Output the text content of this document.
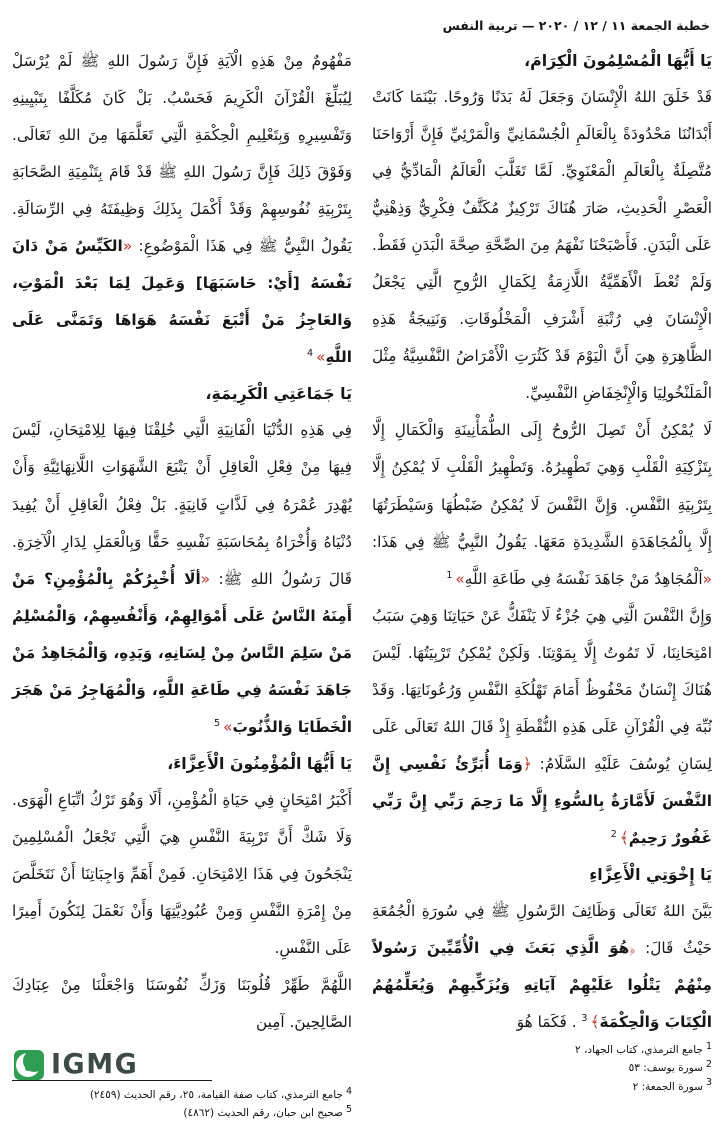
خطبة الجمعة ١١ / ١٢ / ٢٠٢٠ — تربية النفس
يَا أَيُّهَا الْمُسْلِمُونَ الْكِرَامَ،
قَدْ خَلَقَ اللهُ الْإِنْسَانَ وَجَعَلَ لَهُ بَدَنًا وَرُوحًا. بَيْنَمَا كَانَتْ أَبْدَانُنَا مَحْدُودَةً بِالْعَالَمِ الْجُسْمَانِيِّ وَالْمَرْئِيِّ فَإِنَّ أَرْوَاحَنَا مُتَّصِلَةٌ بِالْعَالَمِ الْمَعْنَوِيِّ. لَمَّا تَغَلَّبَ الْعَالَمُ الْمَادِّيُّ فِي الْعَصْرِ الْحَدِيثِ، صَارَ هُنَاكَ تَرْكِيزٌ مُكَثَّفٌ فِكْرِيٌّ وَذِهْنِيٌّ عَلَى الْبَدَنِ. فَأَصْبَحْنَا نَفْهَمُ مِنَ الصِّحَّةِ صِحَّةَ الْبَدَنِ فَقَطْ. وَلَمْ تُعْطَ الْأَهَمِّيَّةُ اللَّازِمَةُ لِكَمَالِ الرُّوحِ الَّتِي يَجْعَلُ الْإِنْسَانَ فِي رُتْبَةِ أَشْرَفِ الْمَخْلُوقَاتِ. وَنَتِيجَةُ هَذِهِ الظَّاهِرَةِ هِيَ أَنَّ الْيَوْمَ قَدْ كَثُرَتِ الْأَمْرَاضُ النَّفْسِيَّةُ مِثْلَ الْمَلَنْخُولِيَا وَالْإِنْخِفَاضِ النَّفْسِيِّ.
لَا يُمْكِنُ أَنْ تَصِلَ الرُّوحُ إِلَى الطُّمَأْنِينَةِ وَالْكَمَالِ إِلَّا بِتَزْكِيَةِ الْقَلْبِ وَهِيَ تَطْهِيرُهُ. وَتَطْهِيرُ الْقَلْبِ لَا يُمْكِنُ إِلَّا بِتَرْبِيَةِ النَّفْسِ. وَإِنَّ النَّفْسَ لَا يُمْكِنُ ضَبْطُهَا وَسَيْطَرَتُهَا إِلَّا بِالْمُجَاهَدَةِ الشَّدِيدَةِ مَعَهَا. يَقُولُ النَّبِيُّ ﷺ فِي هَذَا: «اَلْمُجَاهِدُ مَنْ جَاهَدَ نَفْسَهُ فِي طَاعَةِ اللَّهِ» $^1$
وَإِنَّ النَّفْسَ الَّتِي هِيَ جُزْءٌ لَا يَنْفَكُّ عَنْ حَيَاتِنَا وَهِيَ سَبَبُ امْتِحَانِنَا، لَا تَمُوتُ إِلَّا بِمَوْتِنَا. وَلَكِنْ يُمْكِنُ تَرْبِيَتُهَا. لَيْسَ هُنَاكَ إِنْسَانٌ مَحْفُوظٌ أَمَامَ تَهْلُكَةِ النَّفْسِ وَرُعُونَاتِهَا. وَقَدْ نُبِّهَ فِي الْقُرْآنِ عَلَى هَذِهِ النُّقْطَةِ إِذْ قَالَ اللهُ تَعَالَى عَلَى لِسَانِ يُوسُفَ عَلَيْهِ السَّلَامُ: ﴿وَمَا أُبَرِّئُ نَفْسِي إِنَّ النَّفْسَ لَأَمَّارَةٌ بِالسُّوءِ إِلَّا مَا رَحِمَ رَبِّي إِنَّ رَبِّي غَفُورٌ رَحِيمٌ﴾ $^2$
يَا إِخْوَتِي الْأَعِزَّاءِ
بَيَّنَ اللهُ تَعَالَى وَظَائِفَ الرَّسُولِ ﷺ فِي سُورَةِ الْجُمُعَةِ حَيْثُ قَالَ: ﴿هُوَ الَّذِي بَعَثَ فِي الْأُمِّيِّينَ رَسُولاً مِنْهُمْ يَتْلُوا عَلَيْهِمْ آيَاتِهِ وَيُزَكِّيهِمْ وَيُعَلِّمُهُمُ الْكِتَابَ وَالْحِكْمَةَ﴾ $^3$ . فَكَمَا هُوَ
$^1$جامع الترمذي، كتاب الجهاد، ٢
$^2$سورة يوسف: ٥٣
$^3$سورة الجمعة: ٢
مَفْهُومٌ مِنْ هَذِهِ الْآيَةِ فَإِنَّ رَسُولَ اللهِ ﷺ لَمْ يُرْسَلْ لِيُبَلِّغَ الْقُرْآنَ الْكَرِيمَ فَحَسْبُ. بَلْ كَانَ مُكَلَّفًا بِتَبْيِينِهِ وَتَفْسِيرِهِ وَبِتَعْلِيمِ الْحِكْمَةِ الَّتِي تَعَلَّمَهَا مِنَ اللهِ تَعَالَى. وَفَوْقَ ذَلِكَ فَإِنَّ رَسُولَ اللهِ ﷺ قَدْ قَامَ بِتَنْمِيَةِ الصَّحَابَةِ بِتَرْبِيَةِ نُفُوسِهِمْ وَقَدْ أَكْمَلَ بِذَلِكَ وَظِيفَتَهُ فِي الرِّسَالَةِ. يَقُولُ النَّبِيُّ ﷺ فِي هَذَا الْمَوْضُوعِ: «الكَيِّسُ مَنْ دَانَ نَفْسَهُ [أَيْ: حَاسَبَهَا] وَعَمِلَ لِمَا بَعْدَ الْمَوْتِ، وَالعَاجِزُ مَنْ أَتْبَعَ نَفْسَهُ هَوَاهَا وَتَمَنَّى عَلَى اللَّهِ» $^4$
يَا جَمَاعَتِي الْكَرِيمَةِ،
فِي هَذِهِ الدُّنْيَا الْفَانِيَةِ الَّتِي خُلِقْنَا فِيهَا لِلِامْتِحَانِ، لَيْسَ فِيهَا مِنْ فِعْلِ الْعَاقِلِ أَنْ يَتْبَعَ الشَّهَوَاتِ اللَّانِهَائِيَّةِ وَأَنْ يُهْدِرَ عُمْرَهُ فِي لَذَّاتٍ فَانِيَةٍ. بَلْ فِعْلُ الْعَاقِلِ أَنْ يُفِيدَ دُنْيَاهُ وَأُخْرَاهُ بِمُحَاسَبَةِ نَفْسِهِ حَقًّا وَبِالْعَمَلِ لِدَارِ الْآخِرَةِ. قَالَ رَسُولُ اللهِ ﷺ: «ألَا أُخْبِرُكُمْ بِالْمُؤْمِنِ؟ مَنْ أَمِنَهُ النَّاسُ عَلَى أَمْوَالِهِمْ، وَأَنْفُسِهِمْ، وَالْمُسْلِمُ مَنْ سَلِمَ النَّاسُ مِنْ لِسَانِهِ، وَيَدِهِ، وَالْمُجَاهِدُ مَنْ جَاهَدَ نَفْسَهُ فِي طَاعَةِ اللَّهِ، وَالْمُهَاجِرُ مَنْ هَجَرَ الْخَطَايَا وَالذُّنُوبَ» $^5$
يَا أَيُّهَا الْمُؤْمِنُونَ الْأَعِزَّاءَ،
أَكْبَرُ امْتِحَانٍ فِي حَيَاةِ الْمُؤْمِنِ، أَلَا وَهُوَ تَرْكُ اتِّبَاعِ الْهَوَى. وَلَا شَكَّ أَنَّ تَرْبِيَةَ النَّفْسِ هِيَ الَّتِي تَجْعَلُ الْمُسْلِمِينَ يَنْجَحُونَ فِي هَذَا الِامْتِحَانِ. فَمِنْ أَهَمِّ وَاجِبَاتِنَا أَنْ نَتَخَلَّصَ مِنْ إِمْرَةِ النَّفْسِ وَمِنْ عُبُودِيَّتِهَا وَأَنْ نَعْمَلَ لِنَكُونَ أَمِيرًا عَلَى النَّفْسِ.
اللَّهُمَّ طَهِّرْ قُلُوبَنَا وَزَكِّ نُفُوسَنَا وَاجْعَلْنَا مِنْ عِبَادِكَ الصَّالِحِينَ. آمِين
IGMG
$^4$جامع الترمذي، كتاب صفة القيامة، ٢٥، رقم الحديث (٢٤٥٩)
$^5$صحيح ابن حبان، رقم الحديث (٤٨٦٢)
